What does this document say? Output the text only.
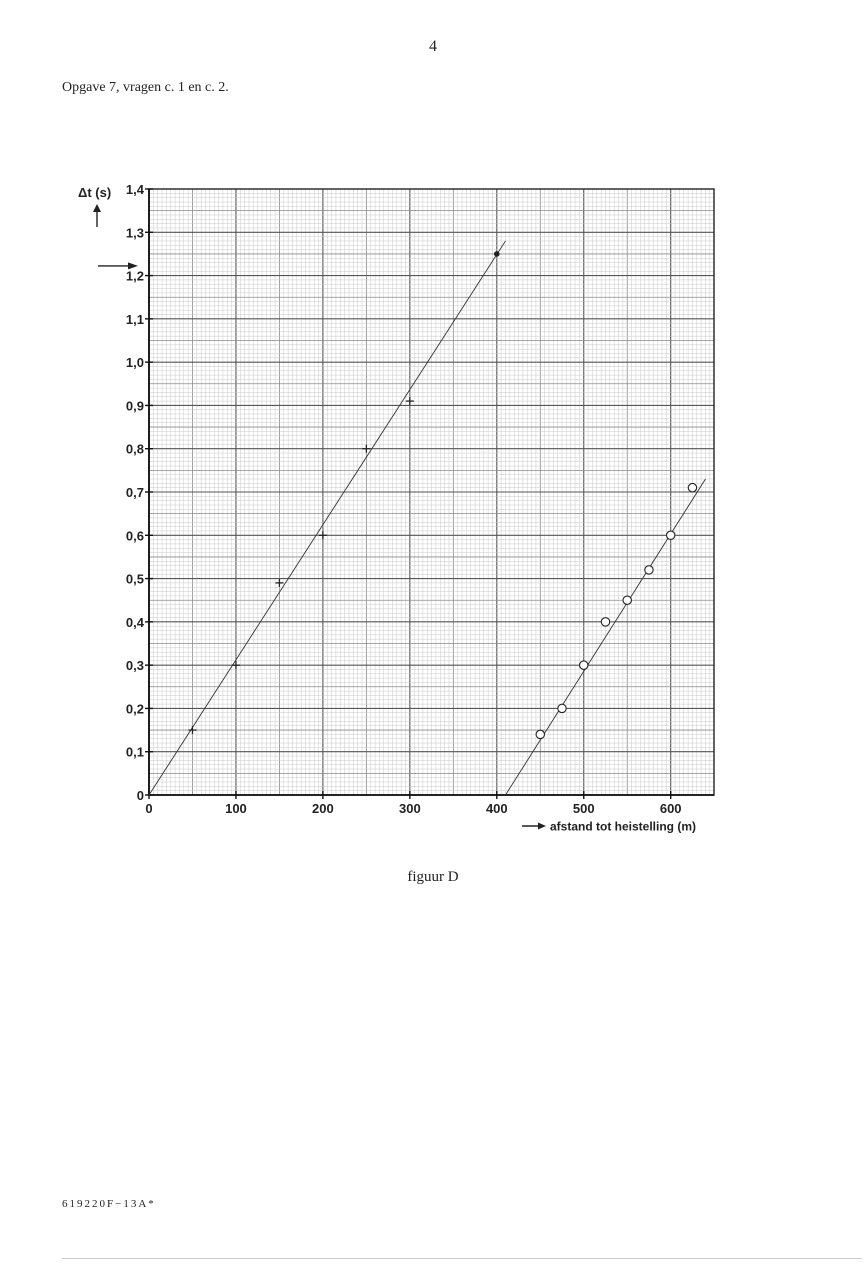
4
Opgave 7, vragen c. 1 en c. 2.
0
0,1
0,2
0,3
0,4
0,5
0,6
0,7
0,8
0,9
1,0
1,1
1,2
1,3
1,4
0	100	200	300	400	500	600
Δt (s)
afstand tot heistelling (m)
figuur D
619220F−13A*
